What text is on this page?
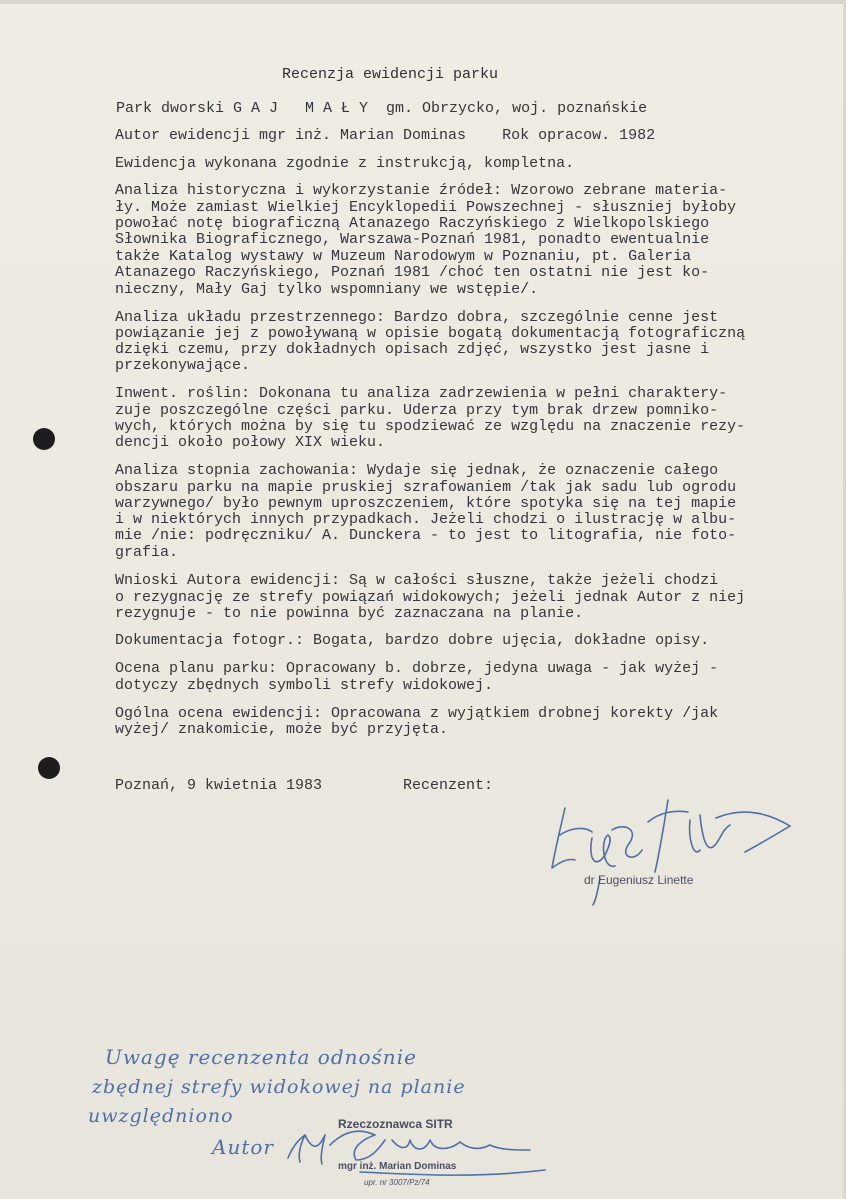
Recenzja ewidencji parku
Park dworski G A J   M A Ł Y  gm. Obrzycko, woj. poznańskie
Autor ewidencji mgr inż. Marian Dominas    Rok opracow. 1982
Ewidencja wykonana zgodnie z instrukcją, kompletna.
Analiza historyczna i wykorzystanie źródeł: Wzorowo zebrane materia-
ły. Może zamiast Wielkiej Encyklopedii Powszechnej - słuszniej byłoby
powołać notę biograficzną Atanazego Raczyńskiego z Wielkopolskiego
Słownika Biograficznego, Warszawa-Poznań 1981, ponadto ewentualnie
także Katalog wystawy w Muzeum Narodowym w Poznaniu, pt. Galeria
Atanazego Raczyńskiego, Poznań 1981 /choć ten ostatni nie jest ko-
nieczny, Mały Gaj tylko wspomniany we wstępie/.
Analiza układu przestrzennego: Bardzo dobra, szczególnie cenne jest
powiązanie jej z powoływaną w opisie bogatą dokumentacją fotograficzną
dzięki czemu, przy dokładnych opisach zdjęć, wszystko jest jasne i
przekonywające.
Inwent. roślin: Dokonana tu analiza zadrzewienia w pełni charaktery-
zuje poszczególne części parku. Uderza przy tym brak drzew pomniko-
wych, których można by się tu spodziewać ze względu na znaczenie rezy-
dencji około połowy XIX wieku.
Analiza stopnia zachowania: Wydaje się jednak, że oznaczenie całego
obszaru parku na mapie pruskiej szrafowaniem /tak jak sadu lub ogrodu
warzywnego/ było pewnym uproszczeniem, które spotyka się na tej mapie
i w niektórych innych przypadkach. Jeżeli chodzi o ilustrację w albu-
mie /nie: podręczniku/ A. Dunckera - to jest to litografia, nie foto-
grafia.
Wnioski Autora ewidencji: Są w całości słuszne, także jeżeli chodzi
o rezygnację ze strefy powiązań widokowych; jeżeli jednak Autor z niej
rezygnuje - to nie powinna być zaznaczana na planie.
Dokumentacja fotogr.: Bogata, bardzo dobre ujęcia, dokładne opisy.
Ocena planu parku: Opracowany b. dobrze, jedyna uwaga - jak wyżej -
dotyczy zbędnych symboli strefy widokowej.
Ogólna ocena ewidencji: Opracowana z wyjątkiem drobnej korekty /jak
wyżej/ znakomicie, może być przyjęta.
Poznań, 9 kwietnia 1983         Recenzent:
dr Eugeniusz Linette
Uwagę recenzenta odnośnie
zbędnej strefy widokowej na planie
uwzględniono
Autor
Rzeczoznawca SITR
mgr inż. Marian Dominas
upr. nr 3007/Pz/74
